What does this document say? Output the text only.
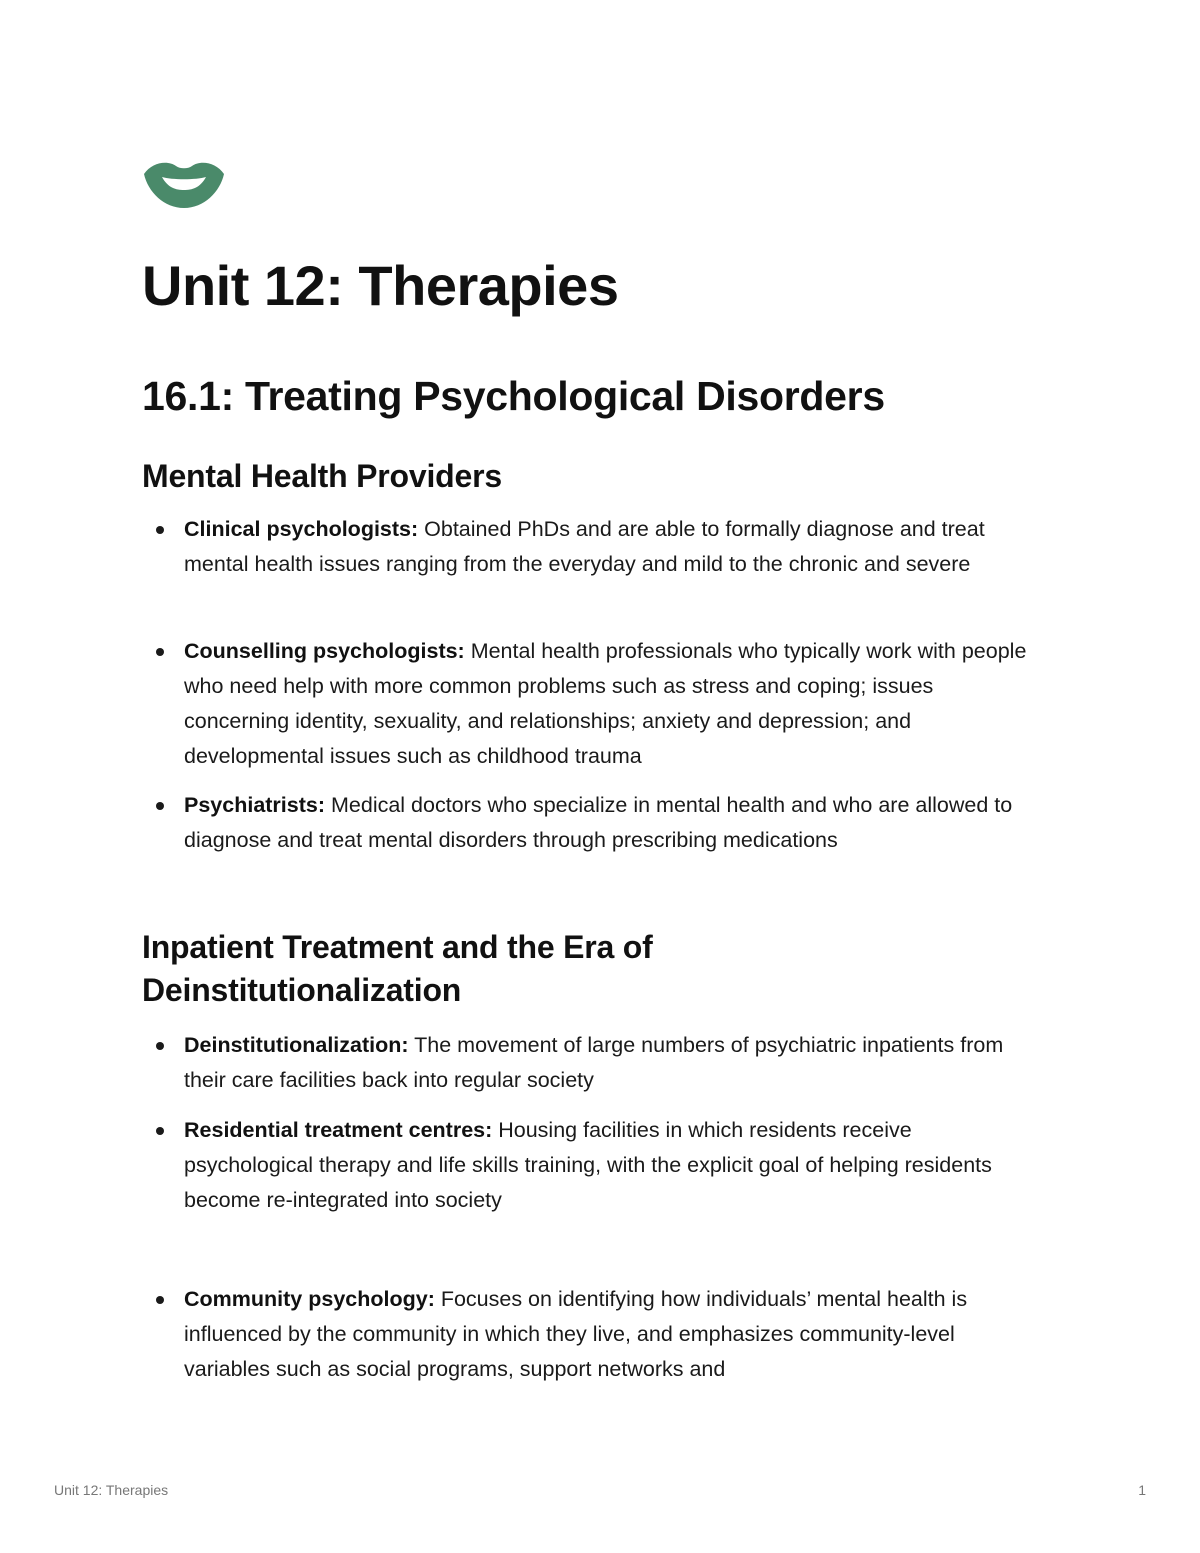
Unit 12: Therapies
16.1: Treating Psychological Disorders
Mental Health Providers

Clinical psychologists: Obtained PhDs and are able to formally diagnose and treat mental health issues ranging from the everyday and mild to the chronic and severe

Counselling psychologists: Mental health professionals who typically work with people who need help with more common problems such as stress and coping; issues concerning identity, sexuality, and relationships; anxiety and depression; and developmental issues such as childhood trauma

Psychiatrists: Medical doctors who specialize in mental health and who are allowed to diagnose and treat mental disorders through prescribing medications

Inpatient Treatment and the Era of Deinstitutionalization

Deinstitutionalization: The movement of large numbers of psychiatric inpatients from their care facilities back into regular society

Residential treatment centres: Housing facilities in which residents receive psychological therapy and life skills training, with the explicit goal of helping residents become re-integrated into society

Community psychology: Focuses on identifying how individuals’ mental health is influenced by the community in which they live, and emphasizes community-level variables such as social programs, support networks and

Unit 12: Therapies	1
